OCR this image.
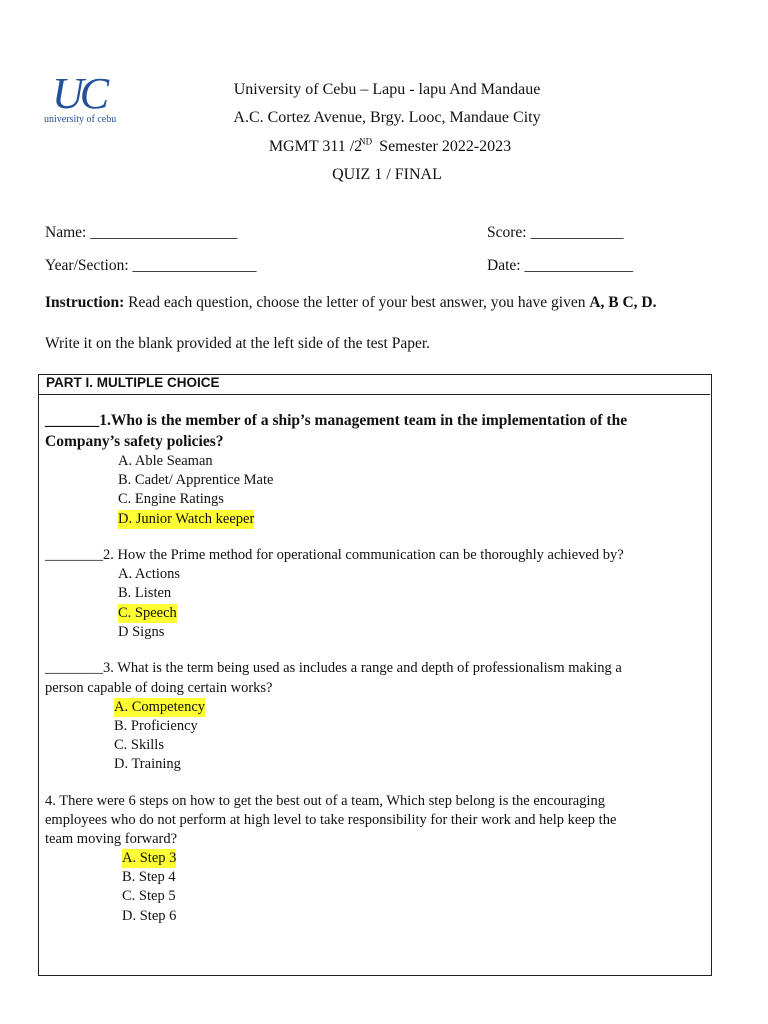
UC
university of cebu
University of Cebu – Lapu - lapu And Mandaue
A.C. Cortez Avenue, Brgy. Looc, Mandaue City
MGMT 311 /2ND Semester 2022-2023
QUIZ 1 / FINAL
Name: ___________________	Score: ____________
Year/Section: ________________	Date: ______________
Instruction: Read each question, choose the letter of your best answer, you have given A, B C, D.
Write it on the blank provided at the left side of the test Paper.
PART I. MULTIPLE CHOICE
_______1.Who is the member of a ship’s management team in the implementation of the
Company’s safety policies?
A. Able Seaman
B. Cadet/ Apprentice Mate
C. Engine Ratings
D. Junior Watch keeper
________2. How the Prime method for operational communication can be thoroughly achieved by?
A. Actions
B. Listen
C. Speech
D Signs
________3. What is the term being used as includes a range and depth of professionalism making a
person capable of doing certain works?
A. Competency
B. Proficiency
C. Skills
D. Training
4. There were 6 steps on how to get the best out of a team, Which step belong is the encouraging
employees who do not perform at high level to take responsibility for their work and help keep the
team moving forward?
A. Step 3
B. Step 4
C. Step 5
D. Step 6
